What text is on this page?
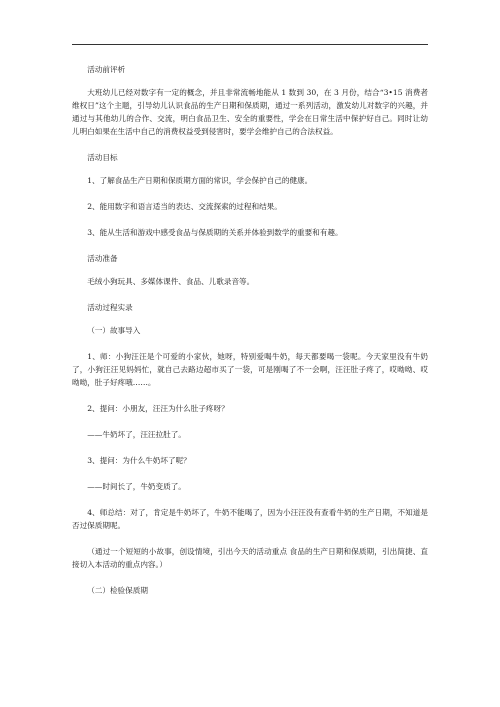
活动前评析

大班幼儿已经对数字有一定的概念，并且非常流畅地能从 1 数到 30，在 3 月份，结合“3•15 消费者维权日”这个主题，引导幼儿认识食品的生产日期和保质期，通过一系列活动，激发幼儿对数字的兴趣，并通过与其他幼儿的合作、交流，明白食品卫生、安全的重要性，学会在日常生活中保护好自己。同时让幼儿明白如果在生活中自己的消费权益受到侵害时，要学会维护自己的合法权益。

活动目标

1、了解食品生产日期和保质期方面的常识，学会保护自己的健康。

2、能用数字和语言适当的表达、交流探索的过程和结果。

3、能从生活和游戏中感受食品与保质期的关系并体验到数学的重要和有趣。

活动准备

毛绒小狗玩具、多媒体课件、食品、儿歌录音等。

活动过程实录

（一）故事导入

1、师：小狗汪汪是个可爱的小家伙，她呀，特别爱喝牛奶，每天都要喝一袋呢。今天家里没有牛奶了，小狗汪汪见妈妈忙，就自己去路边超市买了一袋，可是刚喝了不一会啊，汪汪肚子疼了，哎呦呦、哎呦呦，肚子好疼哦……。

2、提问：小朋友，汪汪为什么肚子疼呀？

——牛奶坏了，汪汪拉肚了。

3、提问：为什么牛奶坏了呢？

——时间长了，牛奶变质了。

4、师总结：对了，肯定是牛奶坏了，牛奶不能喝了，因为小汪汪没有查看牛奶的生产日期，不知道是否过保质期呢。

（通过一个短短的小故事，创设情境，引出今天的活动重点 食品的生产日期和保质期，引出简捷、直接切入本活动的重点内容。）

（二）检验保质期
